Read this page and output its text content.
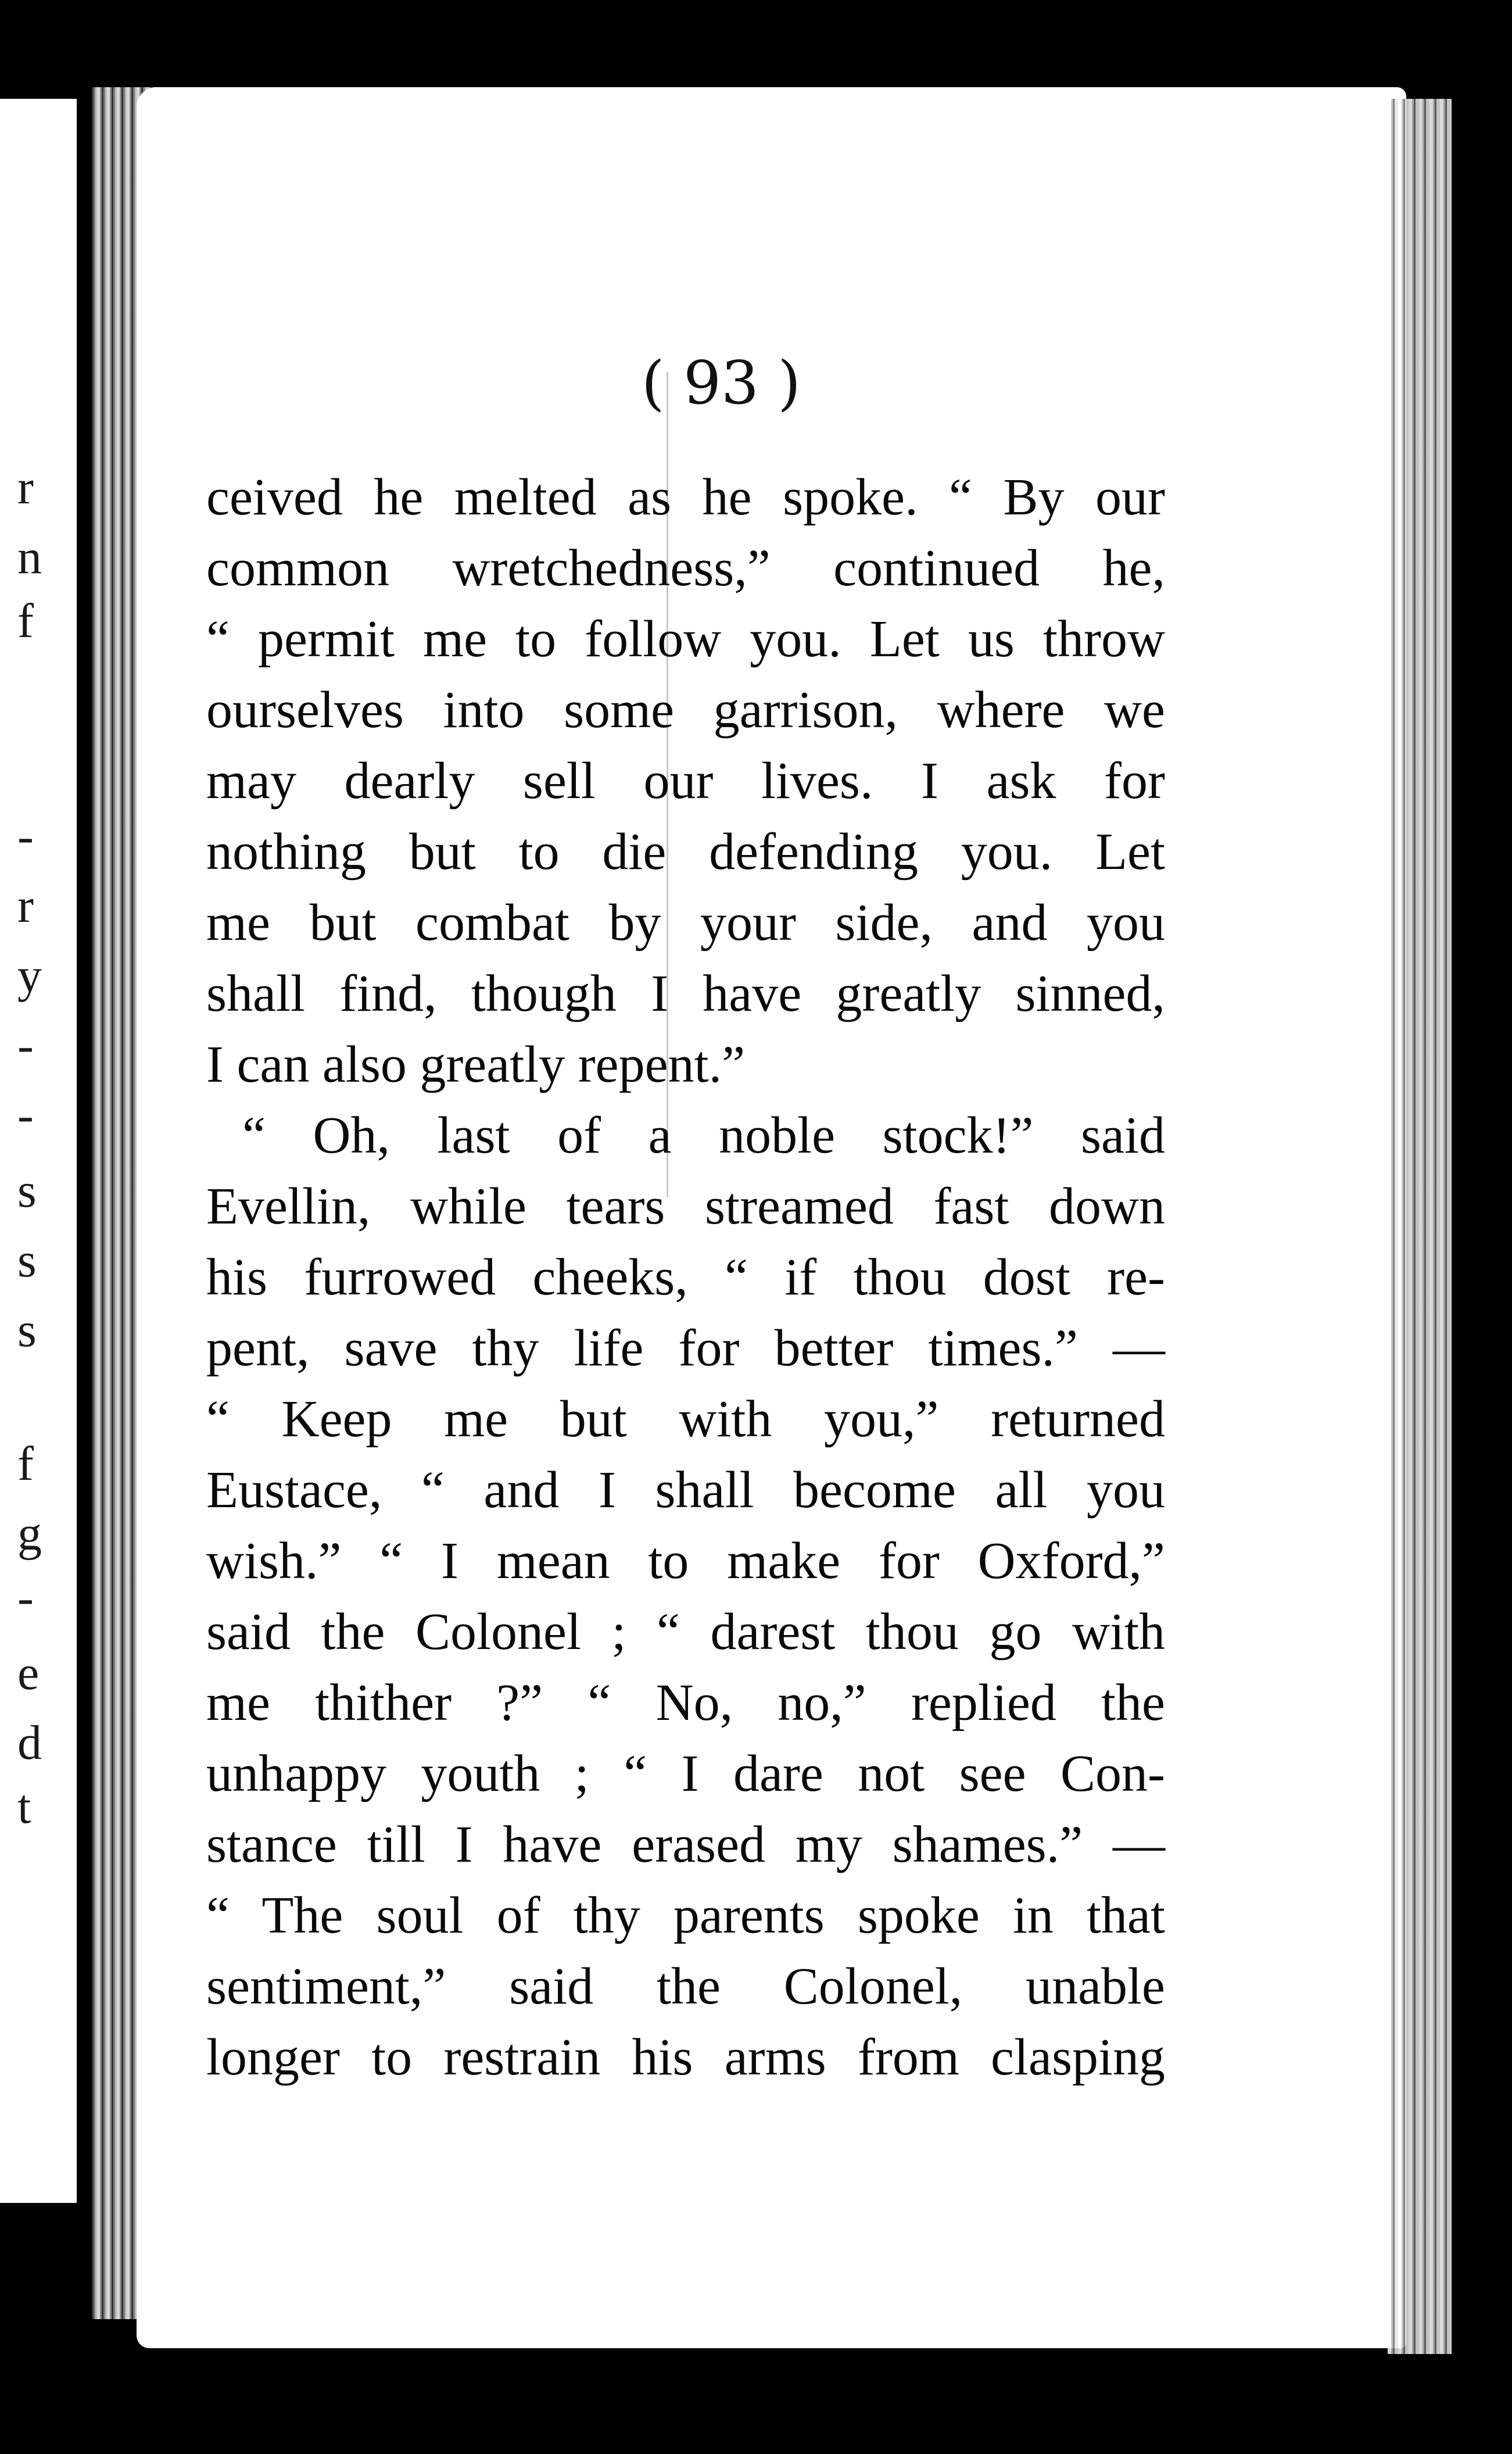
r
n
f
-
r
y
-
-
s
s
s
f
g
-
e
d
t

( 93 )

ceived he melted as he spoke. “ By our
common wretchedness,” continued he,
“ permit me to follow you. Let us throw
ourselves into some garrison, where we
may dearly sell our lives. I ask for
nothing but to die defending you. Let
me but combat by your side, and you
shall find, though I have greatly sinned,
I can also greatly repent.”
“ Oh, last of a noble stock!” said
Evellin, while tears streamed fast down
his furrowed cheeks, “ if thou dost re-
pent, save thy life for better times.” —
“ Keep me but with you,” returned
Eustace, “ and I shall become all you
wish.” “ I mean to make for Oxford,”
said the Colonel ; “ darest thou go with
me thither ?” “ No, no,” replied the
unhappy youth ; “ I dare not see Con-
stance till I have erased my shames.” —
“ The soul of thy parents spoke in that
sentiment,” said the Colonel, unable
longer to restrain his arms from clasping
